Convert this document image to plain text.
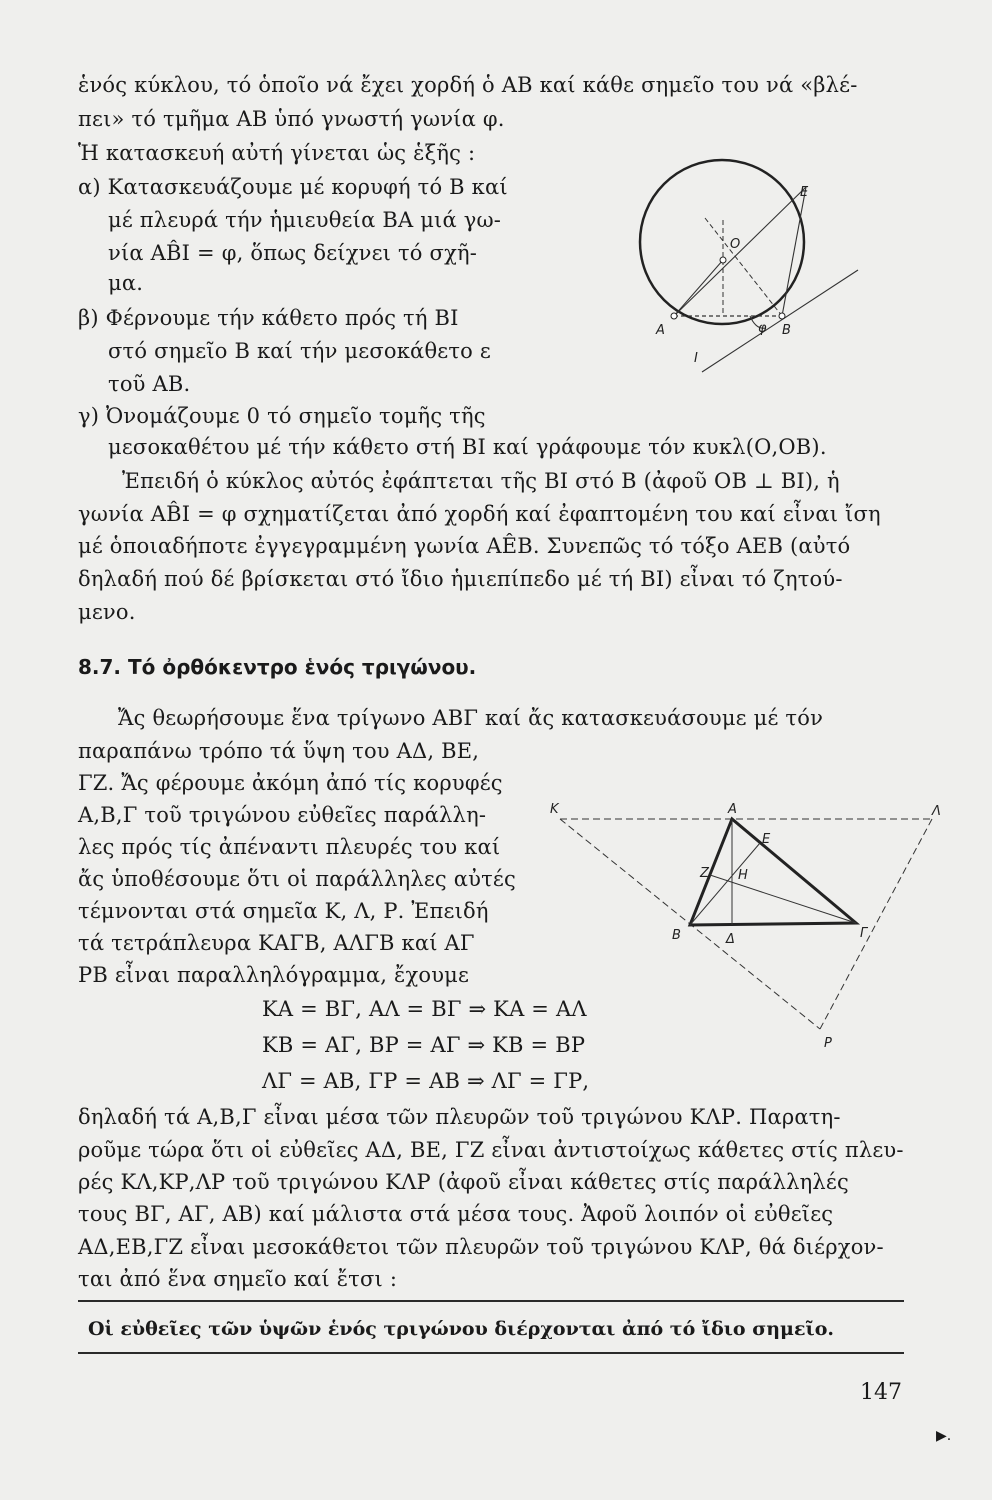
ἑνός κύκλου, τό ὁποῖο νά ἔχει χορδή ὁ ΑΒ καί κάθε σημεῖο του νά «βλέ-
πει» τό τμῆμα ΑΒ ὑπό γνωστή γωνία φ.
Ἡ κατασκευή αὐτή γίνεται ὡς ἑξῆς :
α) Κατασκευάζουμε μέ κορυφή τό Β καί
μέ πλευρά τήν ἡμιευθεία ΒΑ μιά γω-
νία ΑB̂Ι = φ, ὅπως δείχνει τό σχῆ-
μα.
β) Φέρνουμε τήν κάθετο πρός τή ΒΙ
στό σημεῖο Β καί τήν μεσοκάθετο ε
τοῦ ΑΒ.
γ) Ὀνομάζουμε 0 τό σημεῖο τομῆς τῆς
μεσοκαθέτου μέ τήν κάθετο στή ΒΙ καί γράφουμε τόν κυκλ(Ο,ΟΒ).
Ἐπειδή ὁ κύκλος αὐτός ἐφάπτεται τῆς ΒΙ στό Β (ἀφοῦ ΟΒ ⊥ ΒΙ), ἡ
γωνία ΑB̂Ι = φ σχηματίζεται ἀπό χορδή καί ἐφαπτομένη του καί εἶναι ἴση
μέ ὁποιαδήποτε ἐγγεγραμμένη γωνία ΑÊΒ. Συνεπῶς τό τόξο ΑEΒ (αὐτό
δηλαδή πού δέ βρίσκεται στό ἴδιο ἡμιεπίπεδο μέ τή ΒΙ) εἶναι τό ζητού-
μενο.
8.7. Τό ὀρθόκεντρο ἑνός τριγώνου.
Ἄς θεωρήσουμε ἕνα τρίγωνο ΑΒΓ καί ἄς κατασκευάσουμε μέ τόν
παραπάνω τρόπο τά ὕψη του ΑΔ, ΒΕ,
ΓΖ. Ἄς φέρουμε ἀκόμη ἀπό τίς κορυφές
Α,Β,Γ τοῦ τριγώνου εὐθεῖες παράλλη-
λες πρός τίς ἀπέναντι πλευρές του καί
ἄς ὑποθέσουμε ὅτι οἱ παράλληλες αὐτές
τέμνονται στά σημεῖα Κ, Λ, Ρ. Ἐπειδή
τά τετράπλευρα ΚΑΓΒ, ΑΛΓΒ καί ΑΓ
ΡΒ εἶναι παραλληλόγραμμα, ἔχουμε
ΚΑ = ΒΓ, ΑΛ = ΒΓ ⇒ ΚΑ = ΑΛ
ΚΒ = ΑΓ, ΒΡ = ΑΓ ⇒ ΚΒ = ΒΡ
ΛΓ = ΑΒ, ΓΡ = ΑΒ ⇒ ΛΓ = ΓΡ,
δηλαδή τά Α,Β,Γ εἶναι μέσα τῶν πλευρῶν τοῦ τριγώνου ΚΛΡ. Παρατη-
ροῦμε τώρα ὅτι οἱ εὐθεῖες ΑΔ, ΒΕ, ΓΖ εἶναι ἀντιστοίχως κάθετες στίς πλευ-
ρές ΚΛ,ΚΡ,ΛΡ τοῦ τριγώνου ΚΛΡ (ἀφοῦ εἶναι κάθετες στίς παράλληλές
τους ΒΓ, ΑΓ, ΑΒ) καί μάλιστα στά μέσα τους. Ἀφοῦ λοιπόν οἱ εὐθεῖες
ΑΔ,ΕΒ,ΓΖ εἶναι μεσοκάθετοι τῶν πλευρῶν τοῦ τριγώνου ΚΛΡ, θά διέρχον-
ται ἀπό ἕνα σημεῖο καί ἔτσι :
Οἱ εὐθεῖες τῶν ὑψῶν ἑνός τριγώνου διέρχονται ἀπό τό ἴδιο σημεῖο.
147
▶.
E
O
A	B
φ
I
K	A	Λ
E
Z H
B	Δ	Γ
P
